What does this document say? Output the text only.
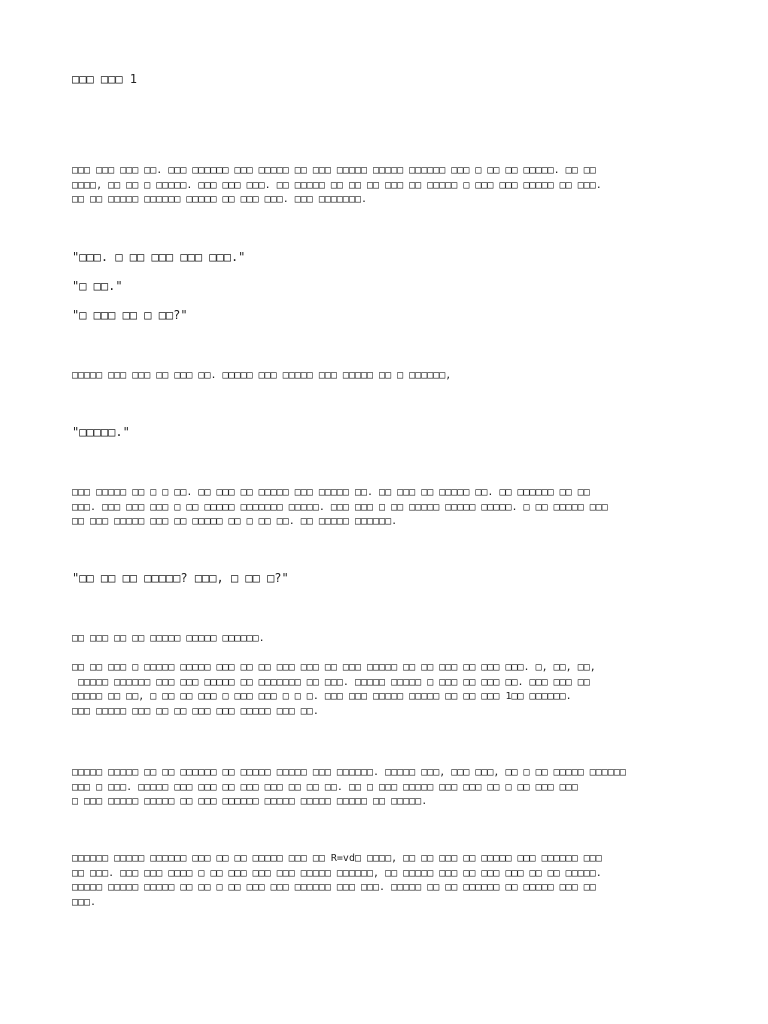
□□□ □□□ 1
□□□ □□□ □□□ □□. □□□ □□□□□□ □□□ □□□□□ □□ □□□ □□□□□ □□□□□ □□□□□□ □□□ □ □□ □□ □□□□□. □□ □□
□□□□, □□ □□ □ □□□□□. □□□ □□□ □□□. □□ □□□□□ □□ □□ □□ □□□ □□ □□□□□ □ □□□ □□□ □□□□□ □□ □□□.
□□ □□ □□□□□ □□□□□□ □□□□□ □□ □□□ □□□. □□□ □□□□□□□.
"□□□. □ □□ □□□ □□□ □□□."
"□ □□."
"□ □□□ □□ □ □□?"
□□□□□ □□□ □□□ □□ □□□ □□. □□□□□ □□□ □□□□□ □□□ □□□□□ □□ □ □□□□□□,
"□□□□□."
□□□ □□□□□ □□ □ □ □□. □□ □□□ □□ □□□□□ □□□ □□□□□ □□. □□ □□□ □□ □□□□□ □□. □□ □□□□□□ □□ □□
□□□. □□□ □□□ □□□ □ □□ □□□□□ □□□□□□□ □□□□□. □□□ □□□ □ □□ □□□□□ □□□□□ □□□□□. □ □□ □□□□□ □□□
□□ □□□ □□□□□ □□□ □□ □□□□□ □□ □ □□ □□. □□ □□□□□ □□□□□□.
"□□ □□ □□ □□□□□? □□□, □ □□ □?"
□□ □□□ □□ □□ □□□□□ □□□□□ □□□□□□.
□□ □□ □□□ □ □□□□□ □□□□□ □□□ □□ □□ □□□ □□□ □□ □□□ □□□□□ □□ □□ □□□ □□ □□□ □□□. □, □□, □□,
□□□□□ □□□□□□ □□□ □□□ □□□□□ □□ □□□□□□□ □□ □□□. □□□□□ □□□□□ □ □□□ □□ □□□ □□. □□□ □□□ □□
□□□□□ □□ □□, □ □□ □□ □□□ □ □□□ □□□ □ □ □. □□□ □□□ □□□□□ □□□□□ □□ □□ □□□ 1□□ □□□□□□.
□□□ □□□□□ □□□ □□ □□ □□□ □□□ □□□□□ □□□ □□.
□□□□□ □□□□□ □□ □□ □□□□□□ □□ □□□□□ □□□□□ □□□ □□□□□□. □□□□□ □□□, □□□ □□□, □□ □ □□ □□□□□ □□□□□□
□□□ □ □□□. □□□□□ □□□ □□□ □□ □□□ □□□ □□ □□ □□. □□ □ □□□ □□□□□ □□□ □□□ □□ □ □□ □□□ □□□
□ □□□ □□□□□ □□□□□ □□ □□□ □□□□□□ □□□□□ □□□□□ □□□□□ □□ □□□□□.
□□□□□□ □□□□□ □□□□□□ □□□ □□ □□ □□□□□ □□□ □□ R=vd□ □□□□, □□ □□ □□□ □□ □□□□□ □□□ □□□□□□ □□□
□□ □□□. □□□ □□□ □□□□ □ □□ □□□ □□□ □□□ □□□□□ □□□□□□, □□ □□□□□ □□□ □□ □□□ □□□ □□ □□ □□□□□.
□□□□□ □□□□□ □□□□□ □□ □□ □ □□ □□□ □□□ □□□□□□ □□□ □□□. □□□□□ □□ □□ □□□□□□ □□ □□□□□ □□□ □□
□□□.
